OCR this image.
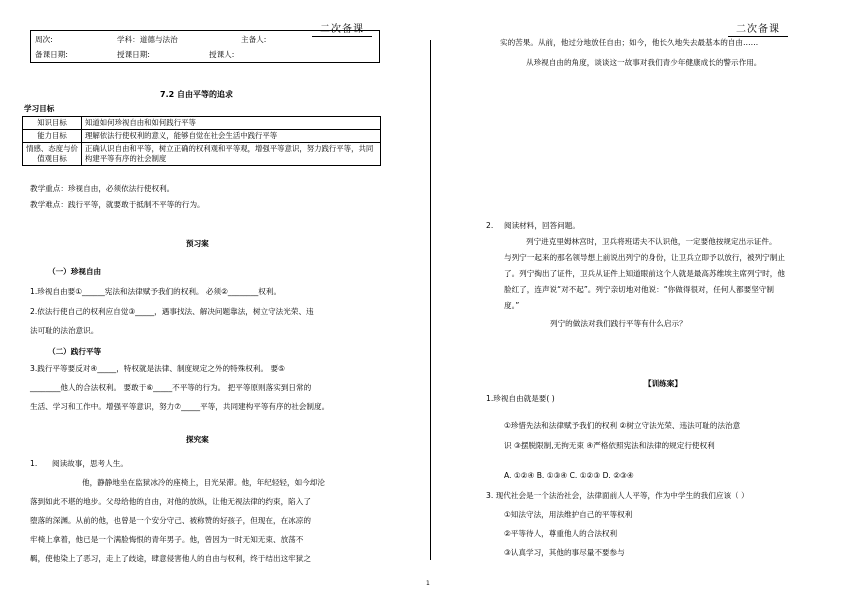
二次备课
周次:	学科：道德与法治	主备人:
备课日期:	授课日期:	授课人:
7.2 自由平等的追求
学习目标
知识目标	知道如何珍视自由和如何践行平等
能力目标	理解依法行使权利的意义，能够自觉在社会生活中践行平等
情感、态度与价值观目标	正确认识自由和平等，树立正确的权利观和平等观，增强平等意识，努力践行平等，共同构建平等有序的社会制度
教学重点：珍视自由，必须依法行使权利。
教学难点：践行平等，就要敢于抵制不平等的行为。
预习案
（一）珍视自由
1.珍视自由要①______宪法和法律赋予我们的权利。 必须②________权利。
2.依法行使自己的权利应自觉③_____，遇事找法、解决问题靠法，树立守法光荣、违
法可耻的法治意识。
（二）践行平等
3.践行平等要反对④_____，特权就是法律、制度规定之外的特殊权利。 要⑤
________他人的合法权利。 要敢于⑥_____不平等的行为。 把平等原则落实到日常的
生活、学习和工作中。增强平等意识，努力⑦_____平等，共同建构平等有序的社会制度。
探究案
1. 阅读故事，思考人生。
他，静静地坐在监狱冰冷的座椅上，目光呆滞。他，年纪轻轻，如今却沦
落到如此不堪的地步。父母给他的自由，对他的放纵，让他无视法律的约束，陷入了
堕落的深渊。从前的他，也曾是一个安分守己、被称赞的好孩子，但现在，在冰凉的
牢椅上拿着，他已是一个满脸悔恨的青年男子。他，曾因为一时无知无束、放荡不
羁，使他染上了恶习，走上了歧途，肆意侵害他人的自由与权利，终于结出这牢狱之
1
二次备课
实的苦果。从前，他过分地放任自由；如今，他长久地失去最基本的自由……
从珍视自由的角度，谈谈这一故事对我们青少年健康成长的警示作用。
2. 阅读材料，回答问题。
列宁进克里姆林宫时，卫兵将班诺夫不认识他，一定要他按规定出示证件。
与列宁一起来的那名领导想上前说出列宁的身份，让卫兵立即予以放行，被列宁制止
了。列宁掏出了证件，卫兵从证件上知道眼前这个人就是最高苏维埃主席列宁时，他
脸红了，连声说“对不起”。列宁亲切地对他说：“你做得很对，任何人都要坚守制
度。”
列宁的做法对我们践行平等有什么启示？
【训练案】
1.珍视自由就是要( )
①珍惜先法和法律赋予我们的权利 ②树立守法光荣、违法可耻的法治意
识 ③摆脱限制,无拘无束 ④严格依照宪法和法律的规定行使权利
A. ①②④ B. ①③④ C. ①②③ D. ②③④
3. 现代社会是一个法治社会，法律面前人人平等，作为中学生的我们应该（ ）
①知法守法，用法维护自己的平等权利
②平等待人，尊重他人的合法权利
③认真学习，其他的事尽量不要参与
